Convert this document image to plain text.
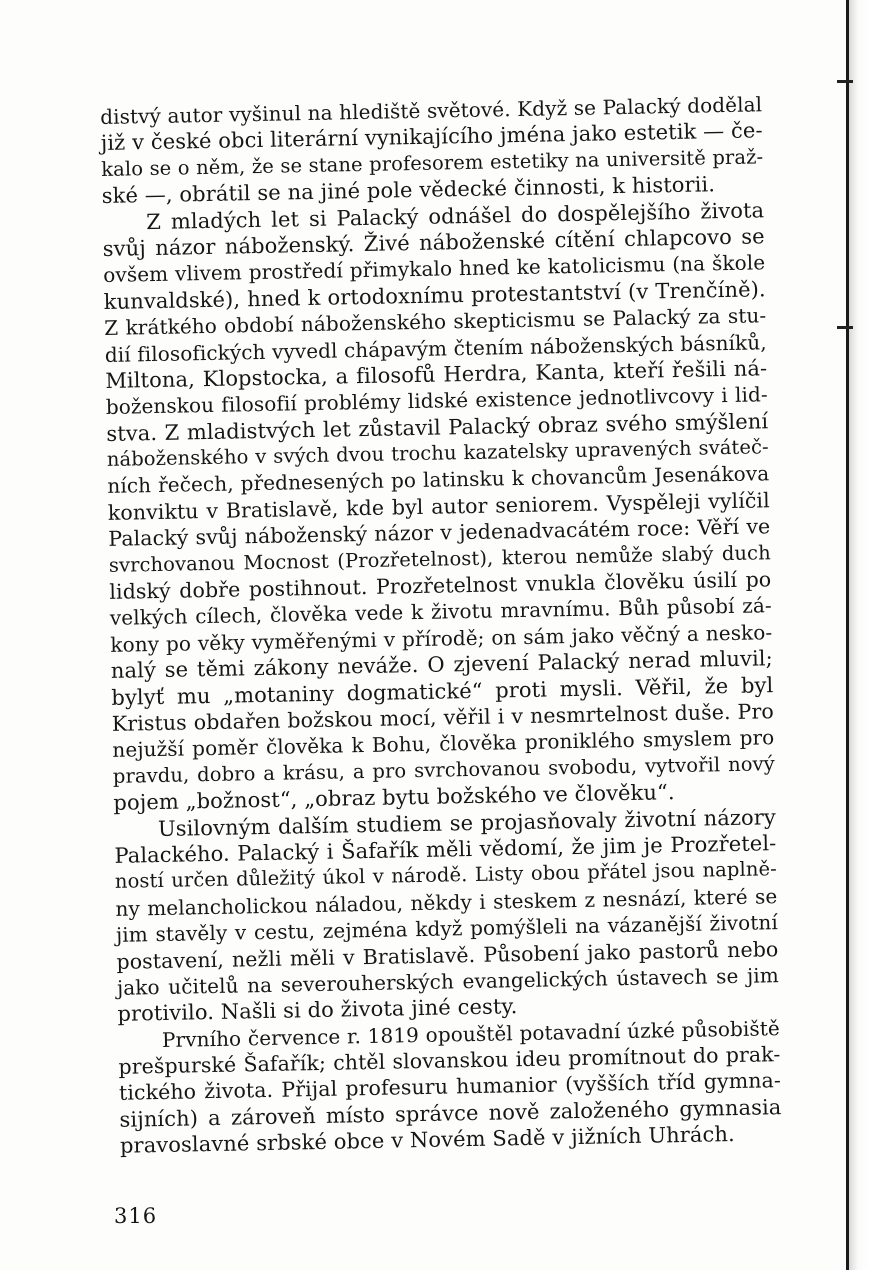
distvý autor vyšinul na hlediště světové. Když se Palacký dodělal
již v české obci literární vynikajícího jména jako estetik — če-
kalo se o něm, že se stane profesorem estetiky na universitě praž-
ské —, obrátil se na jiné pole vědecké činnosti, k historii.
Z mladých let si Palacký odnášel do dospělejšího života
svůj názor náboženský. Živé náboženské cítění chlapcovo se
ovšem vlivem prostředí přimykalo hned ke katolicismu (na škole
kunvaldské), hned k ortodoxnímu protestantství (v Trenčíně).
Z krátkého období náboženského skepticismu se Palacký za stu-
dií filosofických vyvedl chápavým čtením náboženských básníků,
Miltona, Klopstocka, a filosofů Herdra, Kanta, kteří řešili ná-
boženskou filosofií problémy lidské existence jednotlivcovy i lid-
stva. Z mladistvých let zůstavil Palacký obraz svého smýšlení
náboženského v svých dvou trochu kazatelsky upravených sváteč-
ních řečech, přednesených po latinsku k chovancům Jesenákova
konviktu v Bratislavě, kde byl autor seniorem. Vyspěleji vylíčil
Palacký svůj náboženský názor v jedenadvacátém roce: Věří ve
svrchovanou Mocnost (Prozřetelnost), kterou nemůže slabý duch
lidský dobře postihnout. Prozřetelnost vnukla člověku úsilí po
velkých cílech, člověka vede k životu mravnímu. Bůh působí zá-
kony po věky vyměřenými v přírodě; on sám jako věčný a nesko-
nalý se těmi zákony neváže. O zjevení Palacký nerad mluvil;
bylyť mu „motaniny dogmatické“ proti mysli. Věřil, že byl
Kristus obdařen božskou mocí, věřil i v nesmrtelnost duše. Pro
nejužší poměr člověka k Bohu, člověka proniklého smyslem pro
pravdu, dobro a krásu, a pro svrchovanou svobodu, vytvořil nový
pojem „božnost“, „obraz bytu božského ve člověku“.
Usilovným dalším studiem se projasňovaly životní názory
Palackého. Palacký i Šafařík měli vědomí, že jim je Prozřetel-
ností určen důležitý úkol v národě. Listy obou přátel jsou naplně-
ny melancholickou náladou, někdy i steskem z nesnází, které se
jim stavěly v cestu, zejména když pomýšleli na vázanější životní
postavení, nežli měli v Bratislavě. Působení jako pastorů nebo
jako učitelů na severouherských evangelických ústavech se jim
protivilo. Našli si do života jiné cesty.
Prvního července r. 1819 opouštěl potavadní úzké působiště
prešpurské Šafařík; chtěl slovanskou ideu promítnout do prak-
tického života. Přijal profesuru humanior (vyšších tříd gymna-
sijních) a zároveň místo správce nově založeného gymnasia
pravoslavné srbské obce v Novém Sadě v jižních Uhrách.
316
